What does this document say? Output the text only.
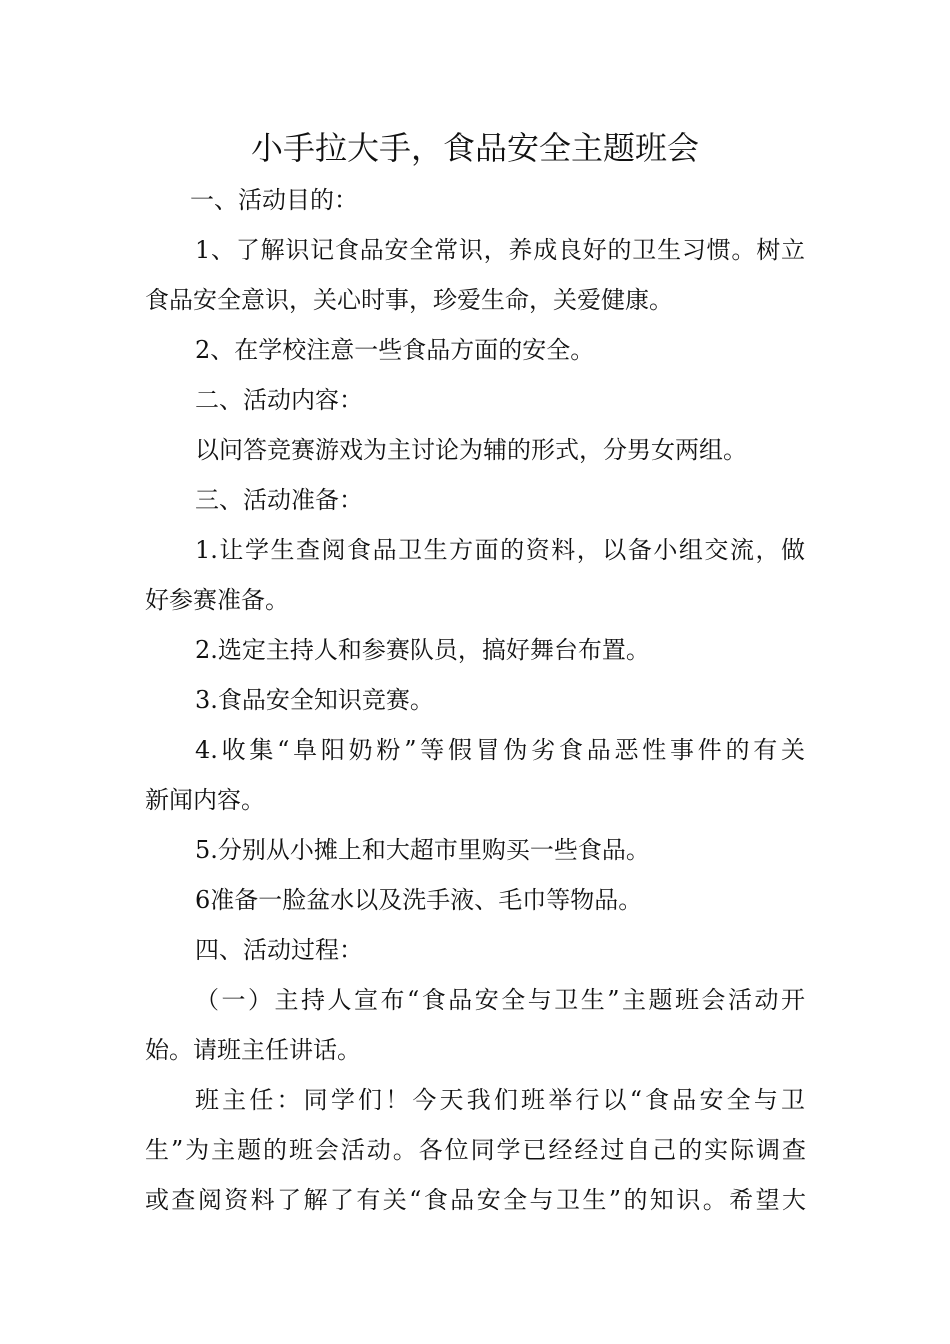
小手拉大手，食品安全主题班会
一、活动目的：
1、了解识记食品安全常识，养成良好的卫生习惯。树立
食品安全意识，关心时事，珍爱生命，关爱健康。
2、在学校注意一些食品方面的安全。
二、活动内容：
以问答竞赛游戏为主讨论为辅的形式，分男女两组。
三、活动准备：
1.让学生查阅食品卫生方面的资料，以备小组交流，做
好参赛准备。
2.选定主持人和参赛队员，搞好舞台布置。
3.食品安全知识竞赛。
4.收集“阜阳奶粉”等假冒伪劣食品恶性事件的有关
新闻内容。
5.分别从小摊上和大超市里购买一些食品。
6准备一脸盆水以及洗手液、毛巾等物品。
四、活动过程：
（一）主持人宣布“食品安全与卫生”主题班会活动开
始。请班主任讲话。
班主任：同学们！今天我们班举行以“食品安全与卫
生”为主题的班会活动。各位同学已经经过自己的实际调查
或查阅资料了解了有关“食品安全与卫生”的知识。希望大
